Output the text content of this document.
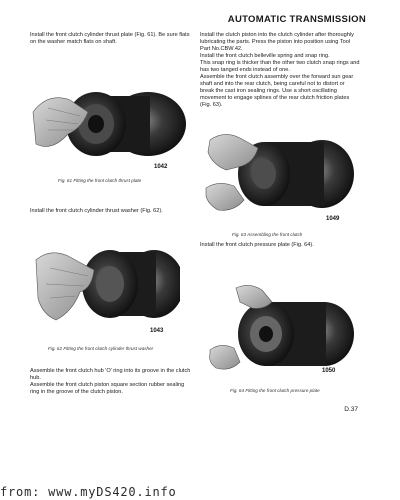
AUTOMATIC TRANSMISSION

Install the front clutch cylinder thrust plate (Fig. 61). Be sure flats on the washer match flats on shaft.

1042
Fig. 61 Fitting the front clutch thrust plate

Install the front clutch cylinder thrust washer (Fig. 62).

1043
Fig. 62 Fitting the front clutch cylinder thrust washer

Assemble the front clutch hub 'O' ring into its groove in the clutch hub.

Assemble the front clutch piston square section rubber sealing ring in the groove of the clutch piston.

Install the clutch piston into the clutch cylinder after thoroughly lubricating the parts. Press the piston into position using Tool Part No.CBW.42.

Install the front clutch belleville spring and snap ring.

This snap ring is thicker than the other two clutch snap rings and has two tanged ends instead of one.

Assemble the front clutch assembly over the forward sun gear shaft and into the rear clutch, being careful not to distort or break the cast iron sealing rings. Use a short oscillating movement to engage splines of the rear clutch friction plates (Fig. 63).

1049
Fig. 63 Assembling the front clutch

Install the front clutch pressure plate (Fig. 64).

1050
Fig. 64 Fitting the front clutch pressure plate
D.37
from: www.myDS420.info
